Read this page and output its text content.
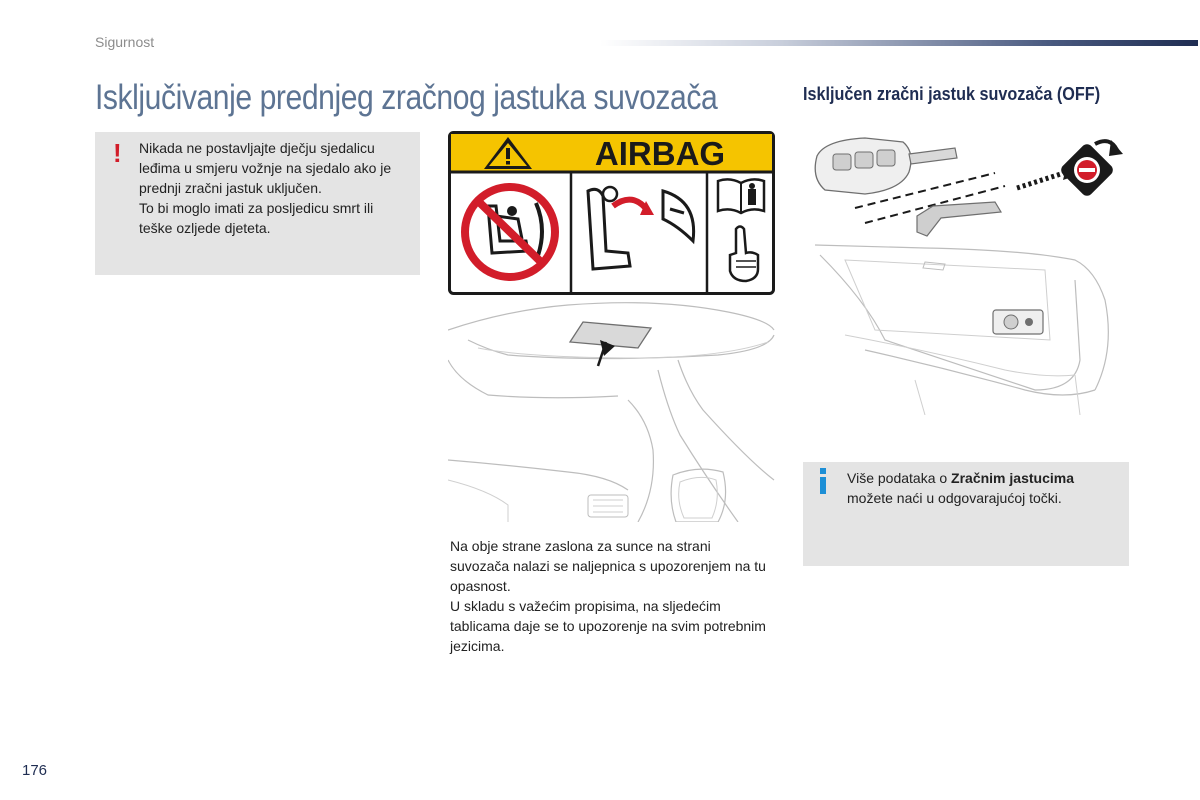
Sigurnost
Isključivanje prednjeg zračnog jastuka suvozača
! Nikada ne postavljajte dječju sjedalicu leđima u smjeru vožnje na sjedalo ako je prednji zračni jastuk uključen.

To bi moglo imati za posljedicu smrt ili teške ozljede djeteta.

AIRBAG

Na obje strane zaslona za sunce na strani suvozača nalazi se naljepnica s upozorenjem na tu opasnost.

U skladu s važećim propisima, na sljedećim tablicama daje se to upozorenje na svim potrebnim jezicima.

Isključen zračni jastuk suvozača (OFF)
Više podataka o Zračnim jastucima možete naći u odgovarajućoj točki.
176
